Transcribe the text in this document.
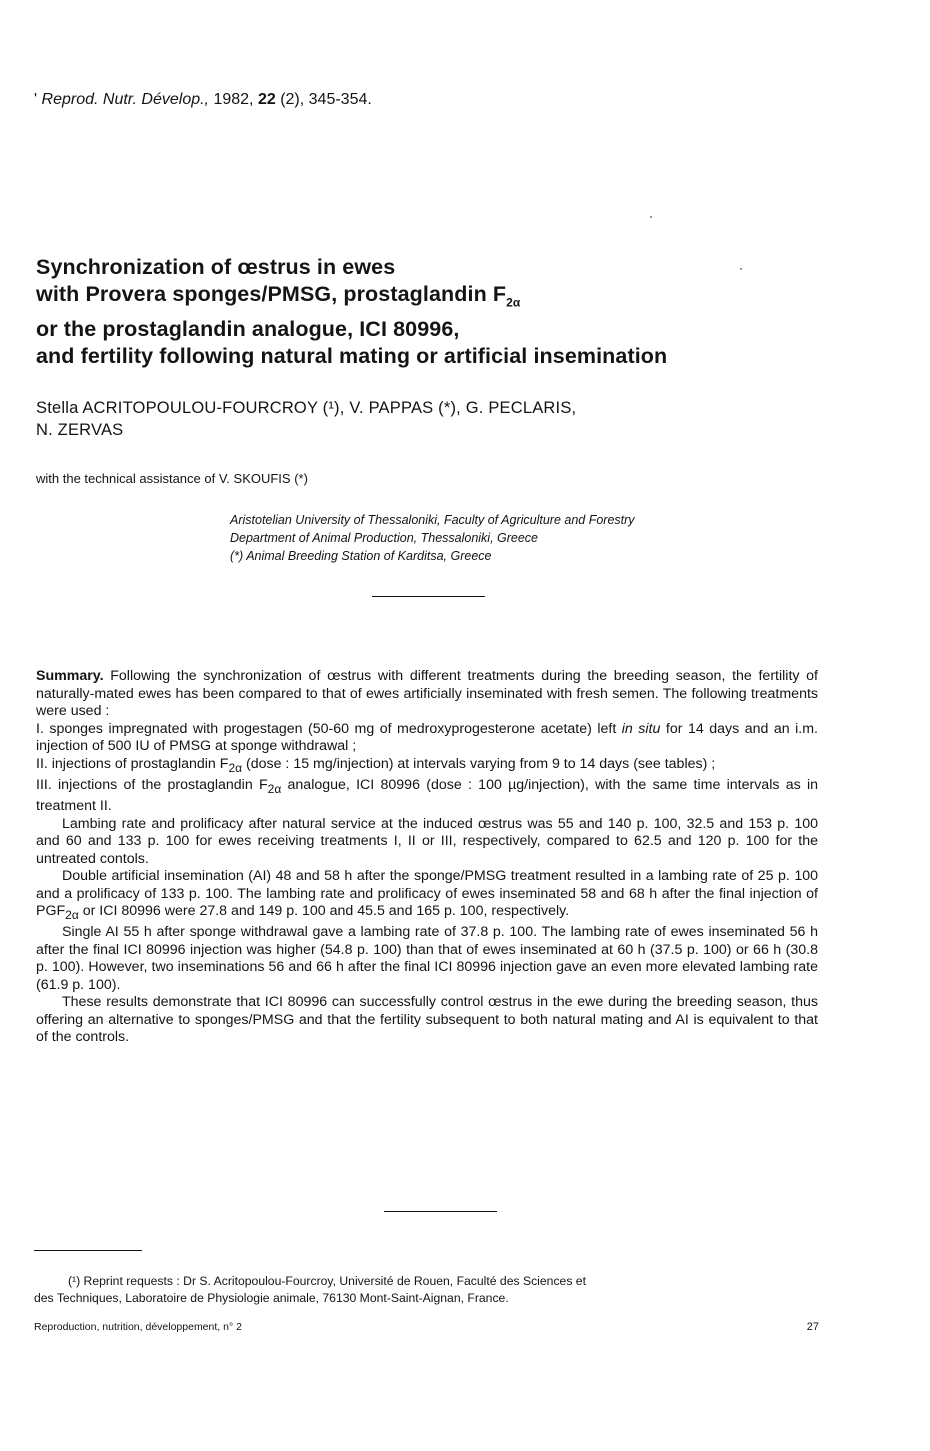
' Reprod. Nutr. Dévelop., 1982, 22 (2), 345-354.
Synchronization of œstrus in ewes
with Provera sponges/PMSG, prostaglandin $F_{2\alpha}$
or the prostaglandin analogue, ICI 80996,
and fertility following natural mating or artificial insemination
Stella ACRITOPOULOU-FOURCROY (¹), V. PAPPAS (*), G. PECLARIS,
N. ZERVAS
with the technical assistance of V. SKOUFIS (*)
Aristotelian University of Thessaloniki, Faculty of Agriculture and Forestry
Department of Animal Production, Thessaloniki, Greece
(*) Animal Breeding Station of Karditsa, Greece

Summary. Following the synchronization of œstrus with different treatments during the breeding season, the fertility of naturally-mated ewes has been compared to that of ewes artificially inseminated with fresh semen. The following treatments were used :

I. sponges impregnated with progestagen (50-60 mg of medroxyprogesterone acetate) left in situ for 14 days and an i.m. injection of 500 IU of PMSG at sponge withdrawal ;

II. injections of prostaglandin $F_{2\alpha}$ (dose : 15 mg/injection) at intervals varying from 9 to 14 days (see tables) ;

III. injections of the prostaglandin $F_{2\alpha}$ analogue, ICI 80996 (dose : 100 µg/injection), with the same time intervals as in treatment II.

Lambing rate and prolificacy after natural service at the induced œstrus was 55 and 140 p. 100, 32.5 and 153 p. 100 and 60 and 133 p. 100 for ewes receiving treatments I, II or III, respectively, compared to 62.5 and 120 p. 100 for the untreated contols.

Double artificial insemination (AI) 48 and 58 h after the sponge/PMSG treatment resulted in a lambing rate of 25 p. 100 and a prolificacy of 133 p. 100. The lambing rate and prolificacy of ewes inseminated 58 and 68 h after the final injection of $PGF_{2\alpha}$ or ICI 80996 were 27.8 and 149 p. 100 and 45.5 and 165 p. 100, respectively.

Single AI 55 h after sponge withdrawal gave a lambing rate of 37.8 p. 100. The lambing rate of ewes inseminated 56 h after the final ICI 80996 injection was higher (54.8 p. 100) than that of ewes inseminated at 60 h (37.5 p. 100) or 66 h (30.8 p. 100). However, two inseminations 56 and 66 h after the final ICI 80996 injection gave an even more elevated lambing rate (61.9 p. 100).

These results demonstrate that ICI 80996 can successfully control œstrus in the ewe during the breeding season, thus offering an alternative to sponges/PMSG and that the fertility subsequent to both natural mating and AI is equivalent to that of the controls.

(¹) Reprint requests : Dr S. Acritopoulou-Fourcroy, Université de Rouen, Faculté des Sciences et
des Techniques, Laboratoire de Physiologie animale, 76130 Mont-Saint-Aignan, France.
Reproduction, nutrition, développement, n° 2	27
